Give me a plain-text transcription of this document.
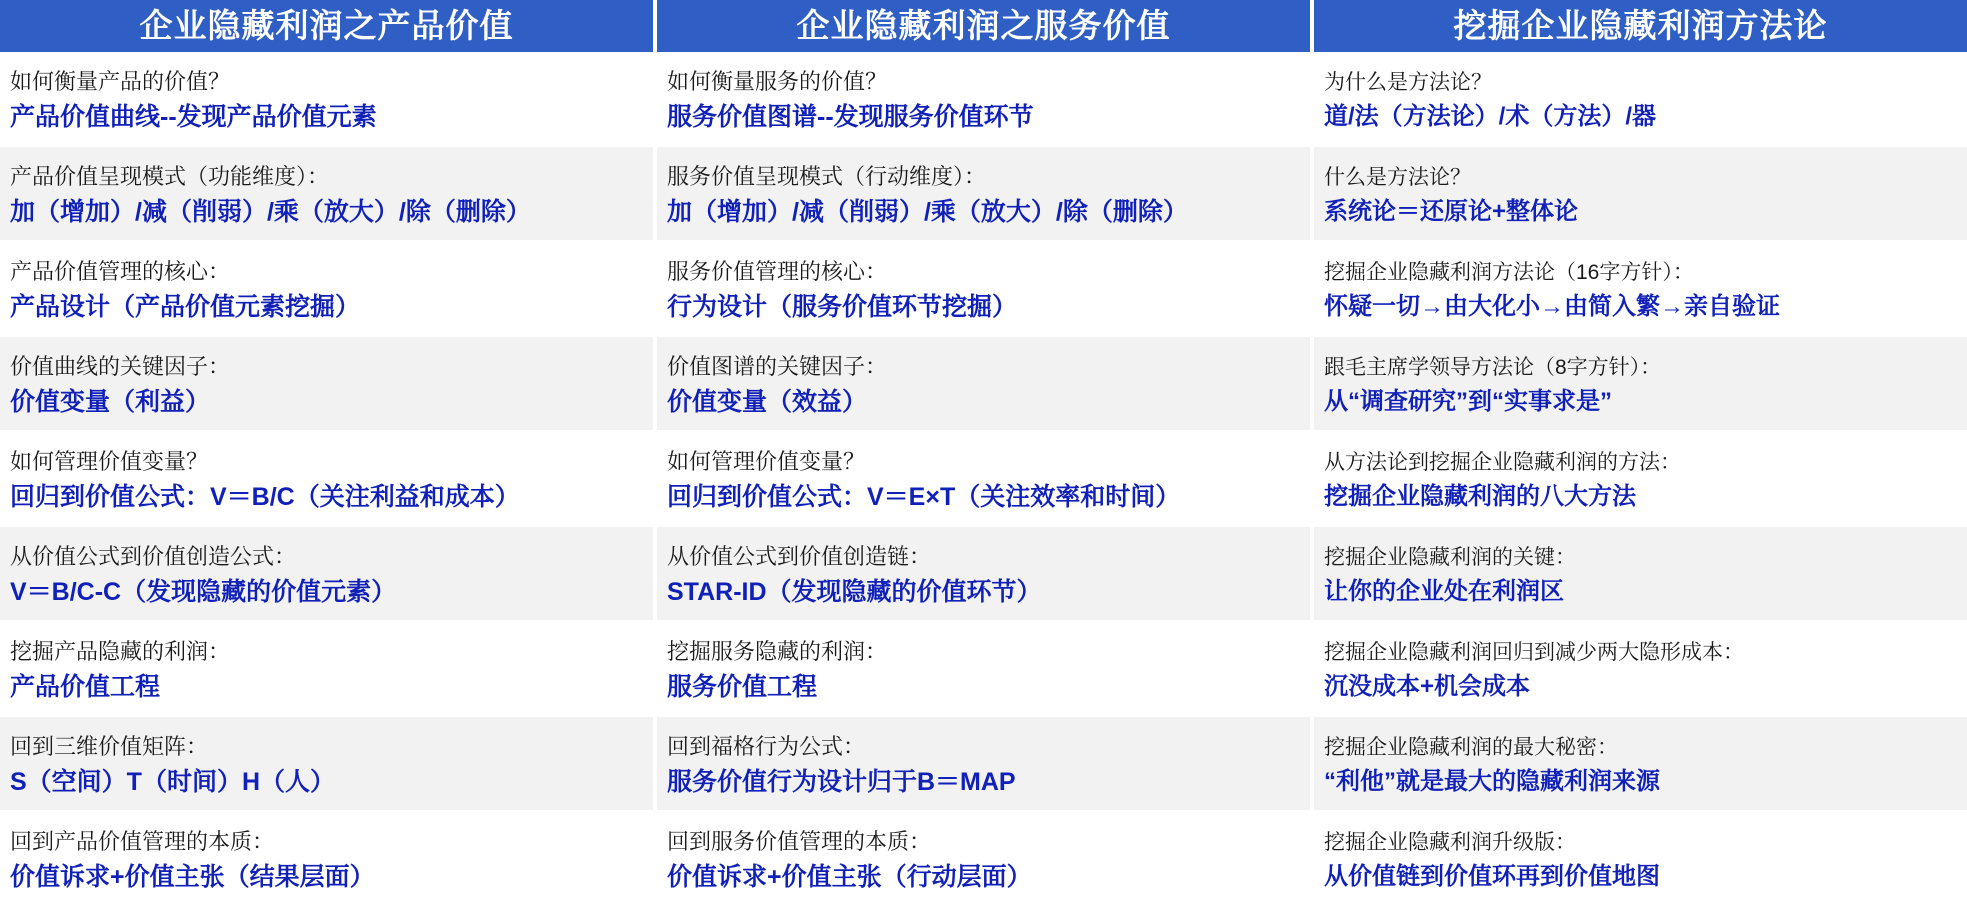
企业隐藏利润之产品价值
如何衡量产品的价值？
产品价值曲线--发现产品价值元素
产品价值呈现模式（功能维度）：
加（增加）/减（削弱）/乘（放大）/除（删除）
产品价值管理的核心：
产品设计（产品价值元素挖掘）
价值曲线的关键因子：
价值变量（利益）
如何管理价值变量？
回归到价值公式：V＝B/C（关注利益和成本）
从价值公式到价值创造公式：
V＝B/C-C（发现隐藏的价值元素）
挖掘产品隐藏的利润：
产品价值工程
回到三维价值矩阵：
S（空间）T（时间）H（人）
回到产品价值管理的本质：
价值诉求+价值主张（结果层面）
企业隐藏利润之服务价值
如何衡量服务的价值？
服务价值图谱--发现服务价值环节
服务价值呈现模式（行动维度）：
加（增加）/减（削弱）/乘（放大）/除（删除）
服务价值管理的核心：
行为设计（服务价值环节挖掘）
价值图谱的关键因子：
价值变量（效益）
如何管理价值变量？
回归到价值公式：V＝E×T（关注效率和时间）
从价值公式到价值创造链：
STAR-ID（发现隐藏的价值环节）
挖掘服务隐藏的利润：
服务价值工程
回到福格行为公式：
服务价值行为设计归于B＝MAP
回到服务价值管理的本质：
价值诉求+价值主张（行动层面）
挖掘企业隐藏利润方法论
为什么是方法论？
道/法（方法论）/术（方法）/器
什么是方法论？
系统论＝还原论+整体论
挖掘企业隐藏利润方法论（16字方针）：
怀疑一切→由大化小→由简入繁→亲自验证
跟毛主席学领导方法论（8字方针）：
从“调查研究”到“实事求是”
从方法论到挖掘企业隐藏利润的方法：
挖掘企业隐藏利润的八大方法
挖掘企业隐藏利润的关键：
让你的企业处在利润区
挖掘企业隐藏利润回归到减少两大隐形成本：
沉没成本+机会成本
挖掘企业隐藏利润的最大秘密：
“利他”就是最大的隐藏利润来源
挖掘企业隐藏利润升级版：
从价值链到价值环再到价值地图
